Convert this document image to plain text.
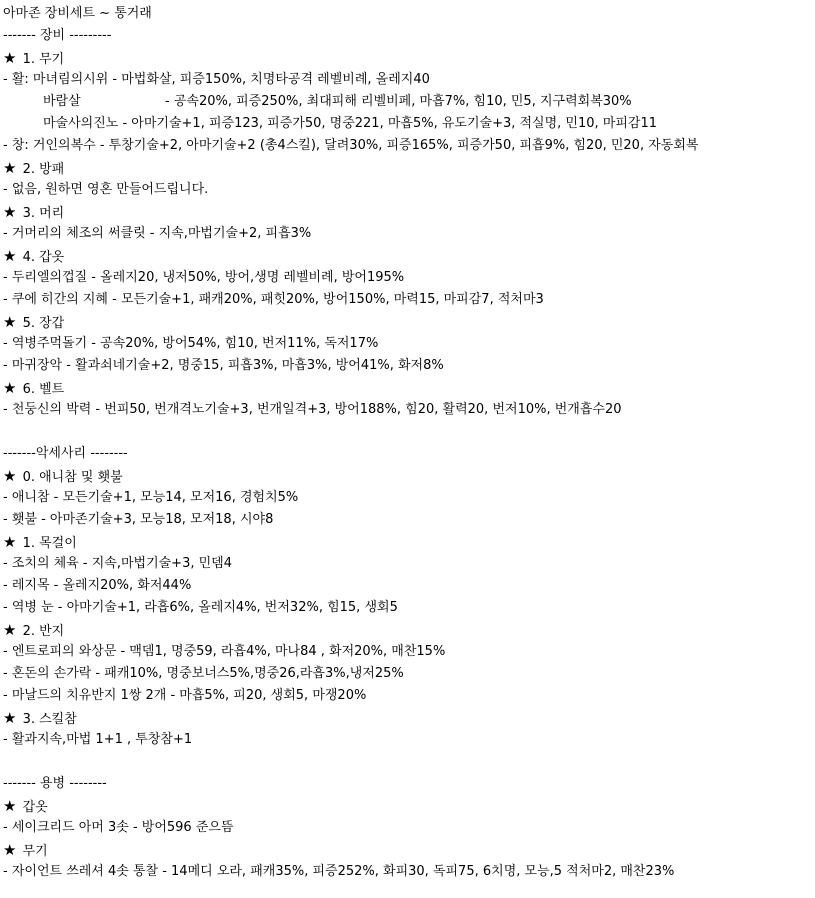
아마존 장비세트 ~ 통거래
------- 장비 ---------
★ 1. 무기
- 활: 마녀림의시위 - 마법화살, 피증150%, 치명타공격 레벨비례, 올레지40
바람살	- 공속20%, 피증250%, 최대피해 리벨비페, 마흡7%, 힘10, 민5, 지구력회복30%
마술사의진노 - 아마기술+1, 피증123, 피증가50, 명중221, 마흡5%, 유도기술+3, 적실명, 민10, 마피감11
- 창: 거인의복수 - 투창기술+2, 아마기술+2 (총4스킬), 달려30%, 피증165%, 피증가50, 피흡9%, 힘20, 민20, 자동회복
★ 2. 방패
- 없음, 원하면 영혼 만들어드립니다.
★ 3. 머리
- 거머리의 체조의 써클릿 - 지속,마법기술+2, 피흡3%
★ 4. 갑옷
- 두리엘의껍질 - 올레지20, 냉저50%, 방어,생명 레벨비례, 방어195%
- 쿠에 히간의 지혜 - 모든기술+1, 패캐20%, 패힛20%, 방어150%, 마력15, 마피감7, 적처마3
★ 5. 장갑
- 역병주먹돌기 - 공속20%, 방어54%, 힘10, 번저11%, 독저17%
- 마귀장악 - 활과쇠네기술+2, 명중15, 피흡3%, 마흡3%, 방어41%, 화저8%
★ 6. 벨트
- 천둥신의 박력 - 번피50, 번개격노기술+3, 번개일격+3, 방어188%, 힘20, 활력20, 번저10%, 번개흡수20
-------악세사리 --------
★ 0. 애니참 및 횃불
- 애니참 - 모든기술+1, 모능14, 모저16, 경험치5%
- 횃불 - 아마존기술+3, 모능18, 모저18, 시야8
★ 1. 목걸이
- 조치의 체육 - 지속,마법기술+3, 민뎀4
- 레지목 - 올레지20%, 화저44%
- 역병 눈 - 아마기술+1, 라흡6%, 올레지4%, 번저32%, 힘15, 생회5
★ 2. 반지
- 엔트로피의 와상문 - 맥뎀1, 명중59, 라흡4%, 마나84 , 화저20%, 매찬15%
- 혼돈의 손가락 - 패캐10%, 명중보너스5%,명중26,라흡3%,냉저25%
- 마날드의 치유반지 1쌍 2개 - 마흡5%, 피20, 생회5, 마쟁20%
★ 3. 스킬참
- 활과지속,마법 1+1 , 투창참+1
------- 용병 --------
★ 갑옷
- 세이크리드 아머 3솟 - 방어596 준으뜸
★ 무기
- 자이언트 쓰레셔 4솟 통찰 - 14메디 오라, 패캐35%, 피증252%, 화피30, 독피75, 6치명, 모능,5 적처마2, 매찬23%
